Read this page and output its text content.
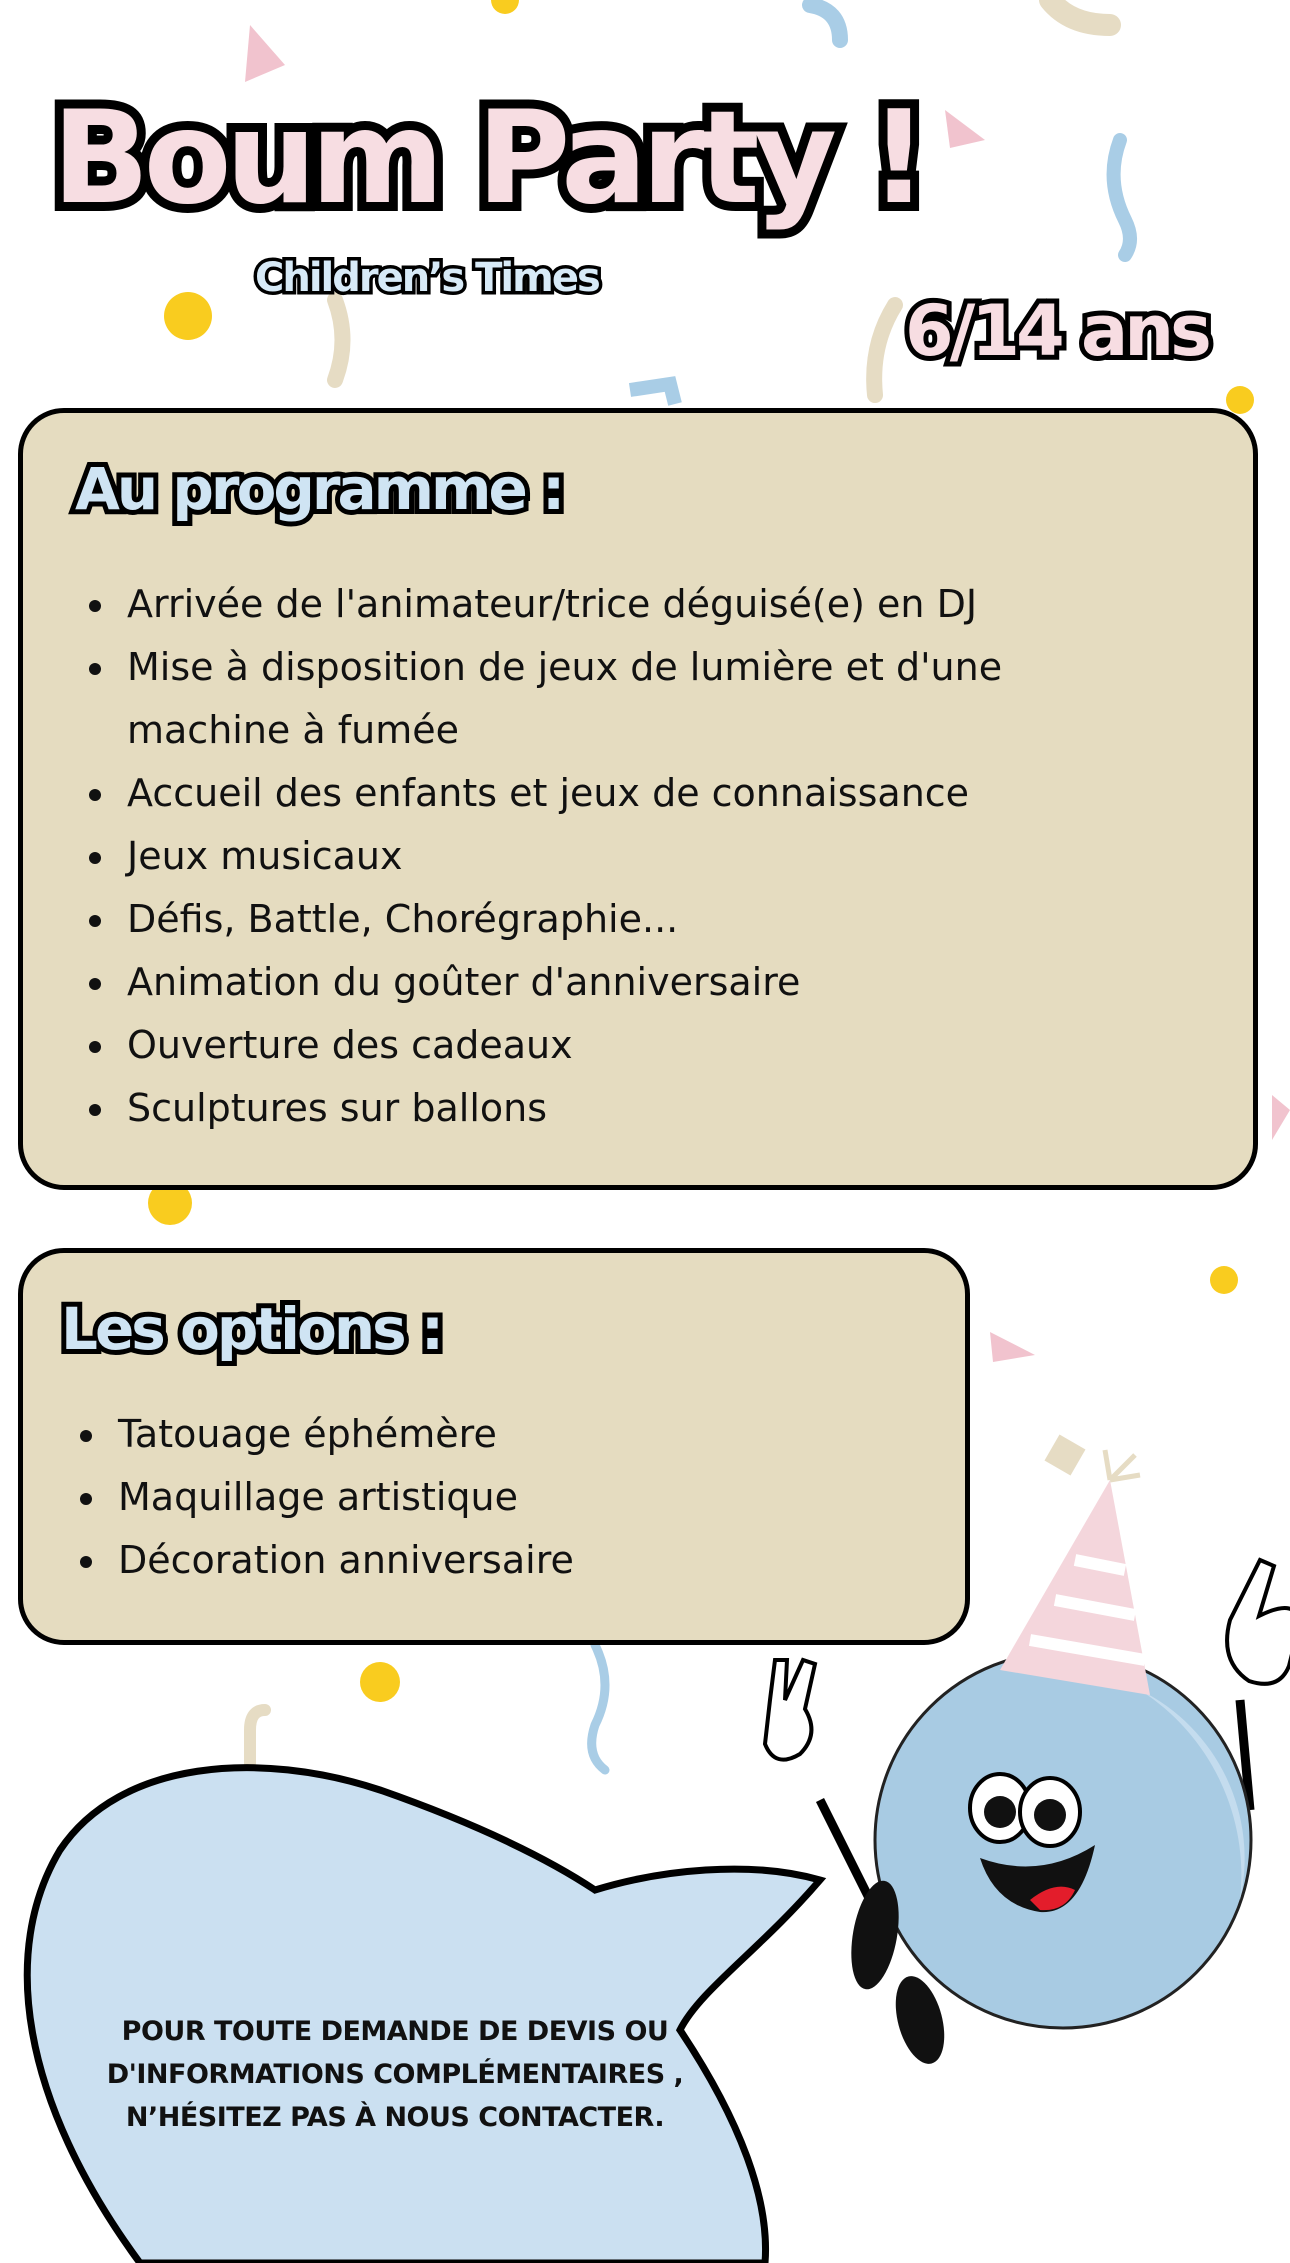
Boum Party !
Children’s Times
6/14 ans
Au programme :
Arrivée de l'animateur/trice déguisé(e) en DJ
Mise à disposition de jeux de lumière et d'une
machine à fumée
Accueil des enfants et jeux de connaissance
Jeux musicaux
Défis, Battle, Chorégraphie...
Animation du goûter d'anniversaire
Ouverture des cadeaux
Sculptures sur ballons
Les options :
Tatouage éphémère
Maquillage artistique
Décoration anniversaire
POUR TOUTE DEMANDE DE DEVIS OU
D'INFORMATIONS COMPLÉMENTAIRES ,
N’HÉSITEZ PAS À NOUS CONTACTER.
